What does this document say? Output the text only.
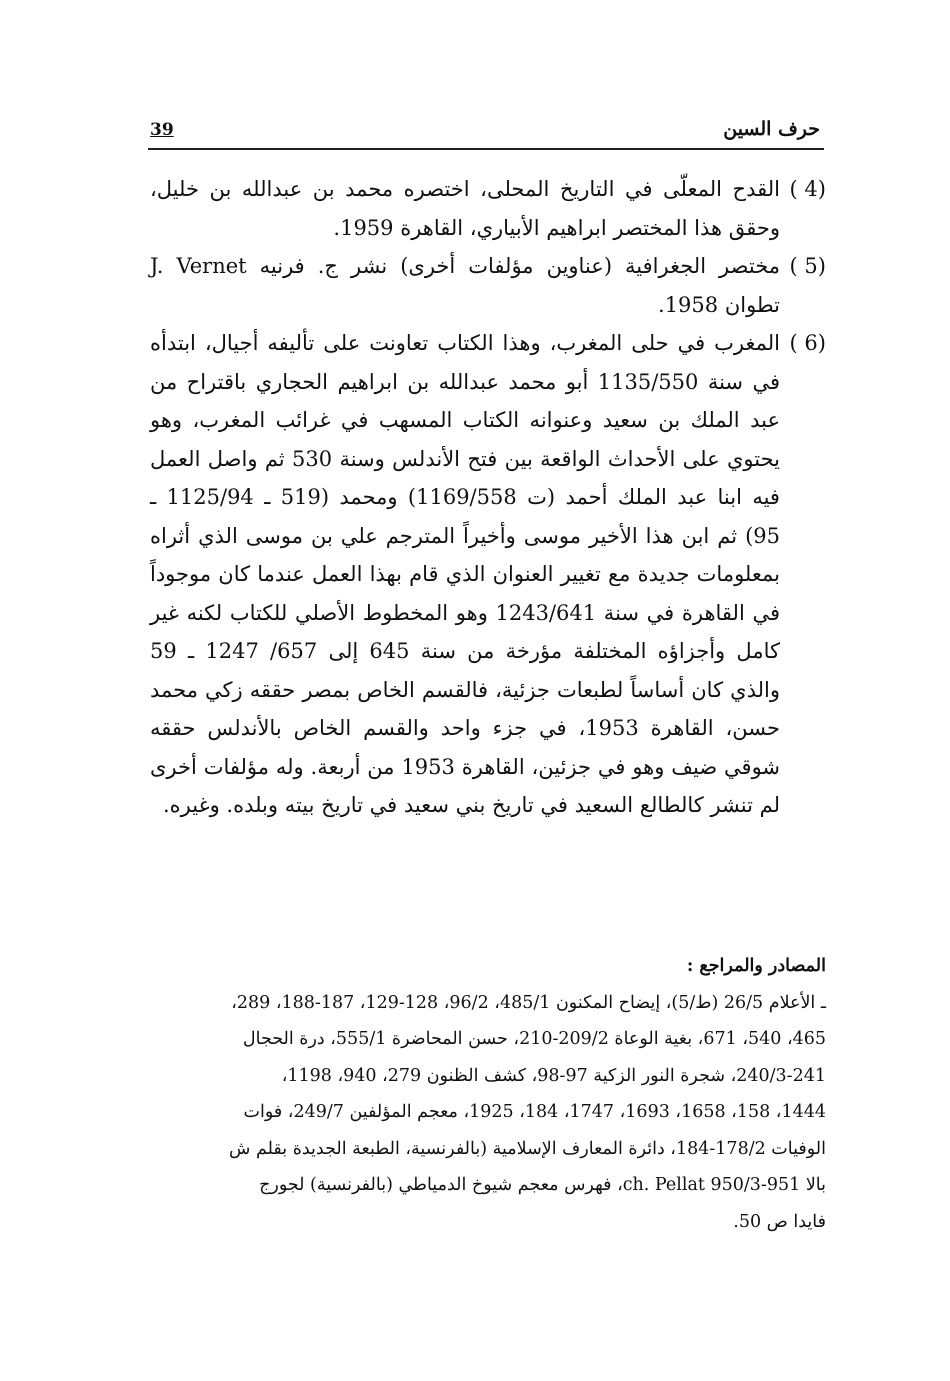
حرف السين
39

(4 )
القدح المعلّى في التاريخ المحلى، اختصره محمد بن عبدالله بن خليل، وحقق هذا المختصر ابراهيم الأبياري، القاهرة 1959.

(5 )
مختصر الجغرافية (عناوين مؤلفات أخرى) نشر ج. فرنيه J. Vernet تطوان 1958.

(6 )
المغرب في حلى المغرب، وهذا الكتاب تعاونت على تأليفه أجيال، ابتدأه في سنة 1135/550 أبو محمد عبدالله بن ابراهيم الحجاري باقتراح من عبد الملك بن سعيد وعنوانه الكتاب المسهب في غرائب المغرب، وهو يحتوي على الأحداث الواقعة بين فتح الأندلس وسنة 530 ثم واصل العمل فيه ابنا عبد الملك أحمد (ت 1169/558) ومحمد (519 ـ 1125/94 ـ 95) ثم ابن هذا الأخير موسى وأخيراً المترجم علي بن موسى الذي أثراه بمعلومات جديدة مع تغيير العنوان الذي قام بهذا العمل عندما كان موجوداً في القاهرة في سنة 1243/641 وهو المخطوط الأصلي للكتاب لكنه غير كامل وأجزاؤه المختلفة مؤرخة من سنة 645 إلى 657/ 1247 ـ 59 والذي كان أساساً لطبعات جزئية، فالقسم الخاص بمصر حققه زكي محمد حسن، القاهرة 1953، في جزء واحد والقسم الخاص بالأندلس حققه شوقي ضيف وهو في جزئين، القاهرة 1953 من أربعة. وله مؤلفات أخرى لم تنشر كالطالع السعيد في تاريخ بني سعيد في تاريخ بيته وبلده. وغيره.

المصادر والمراجع :
ـ الأعلام 26/5 (ط/5)، إيضاح المكنون 485/1، 96/2، 128-129، 187-188، 289،
465، 540، 671، بغية الوعاة 209/2-210، حسن المحاضرة 555/1، درة الحجال
240/3-241، شجرة النور الزكية 97-98، كشف الظنون 279، 940، 1198،
1444، 158، 1658، 1693، 1747، 184، 1925، معجم المؤلفين 249/7، فوات
الوفيات 178/2-184، دائرة المعارف الإسلامية (بالفرنسية، الطبعة الجديدة بقلم ش
بالا ch. Pellat 950/3-951، فهرس معجم شيوخ الدمياطي (بالفرنسية) لجورج
فايدا ص 50.
